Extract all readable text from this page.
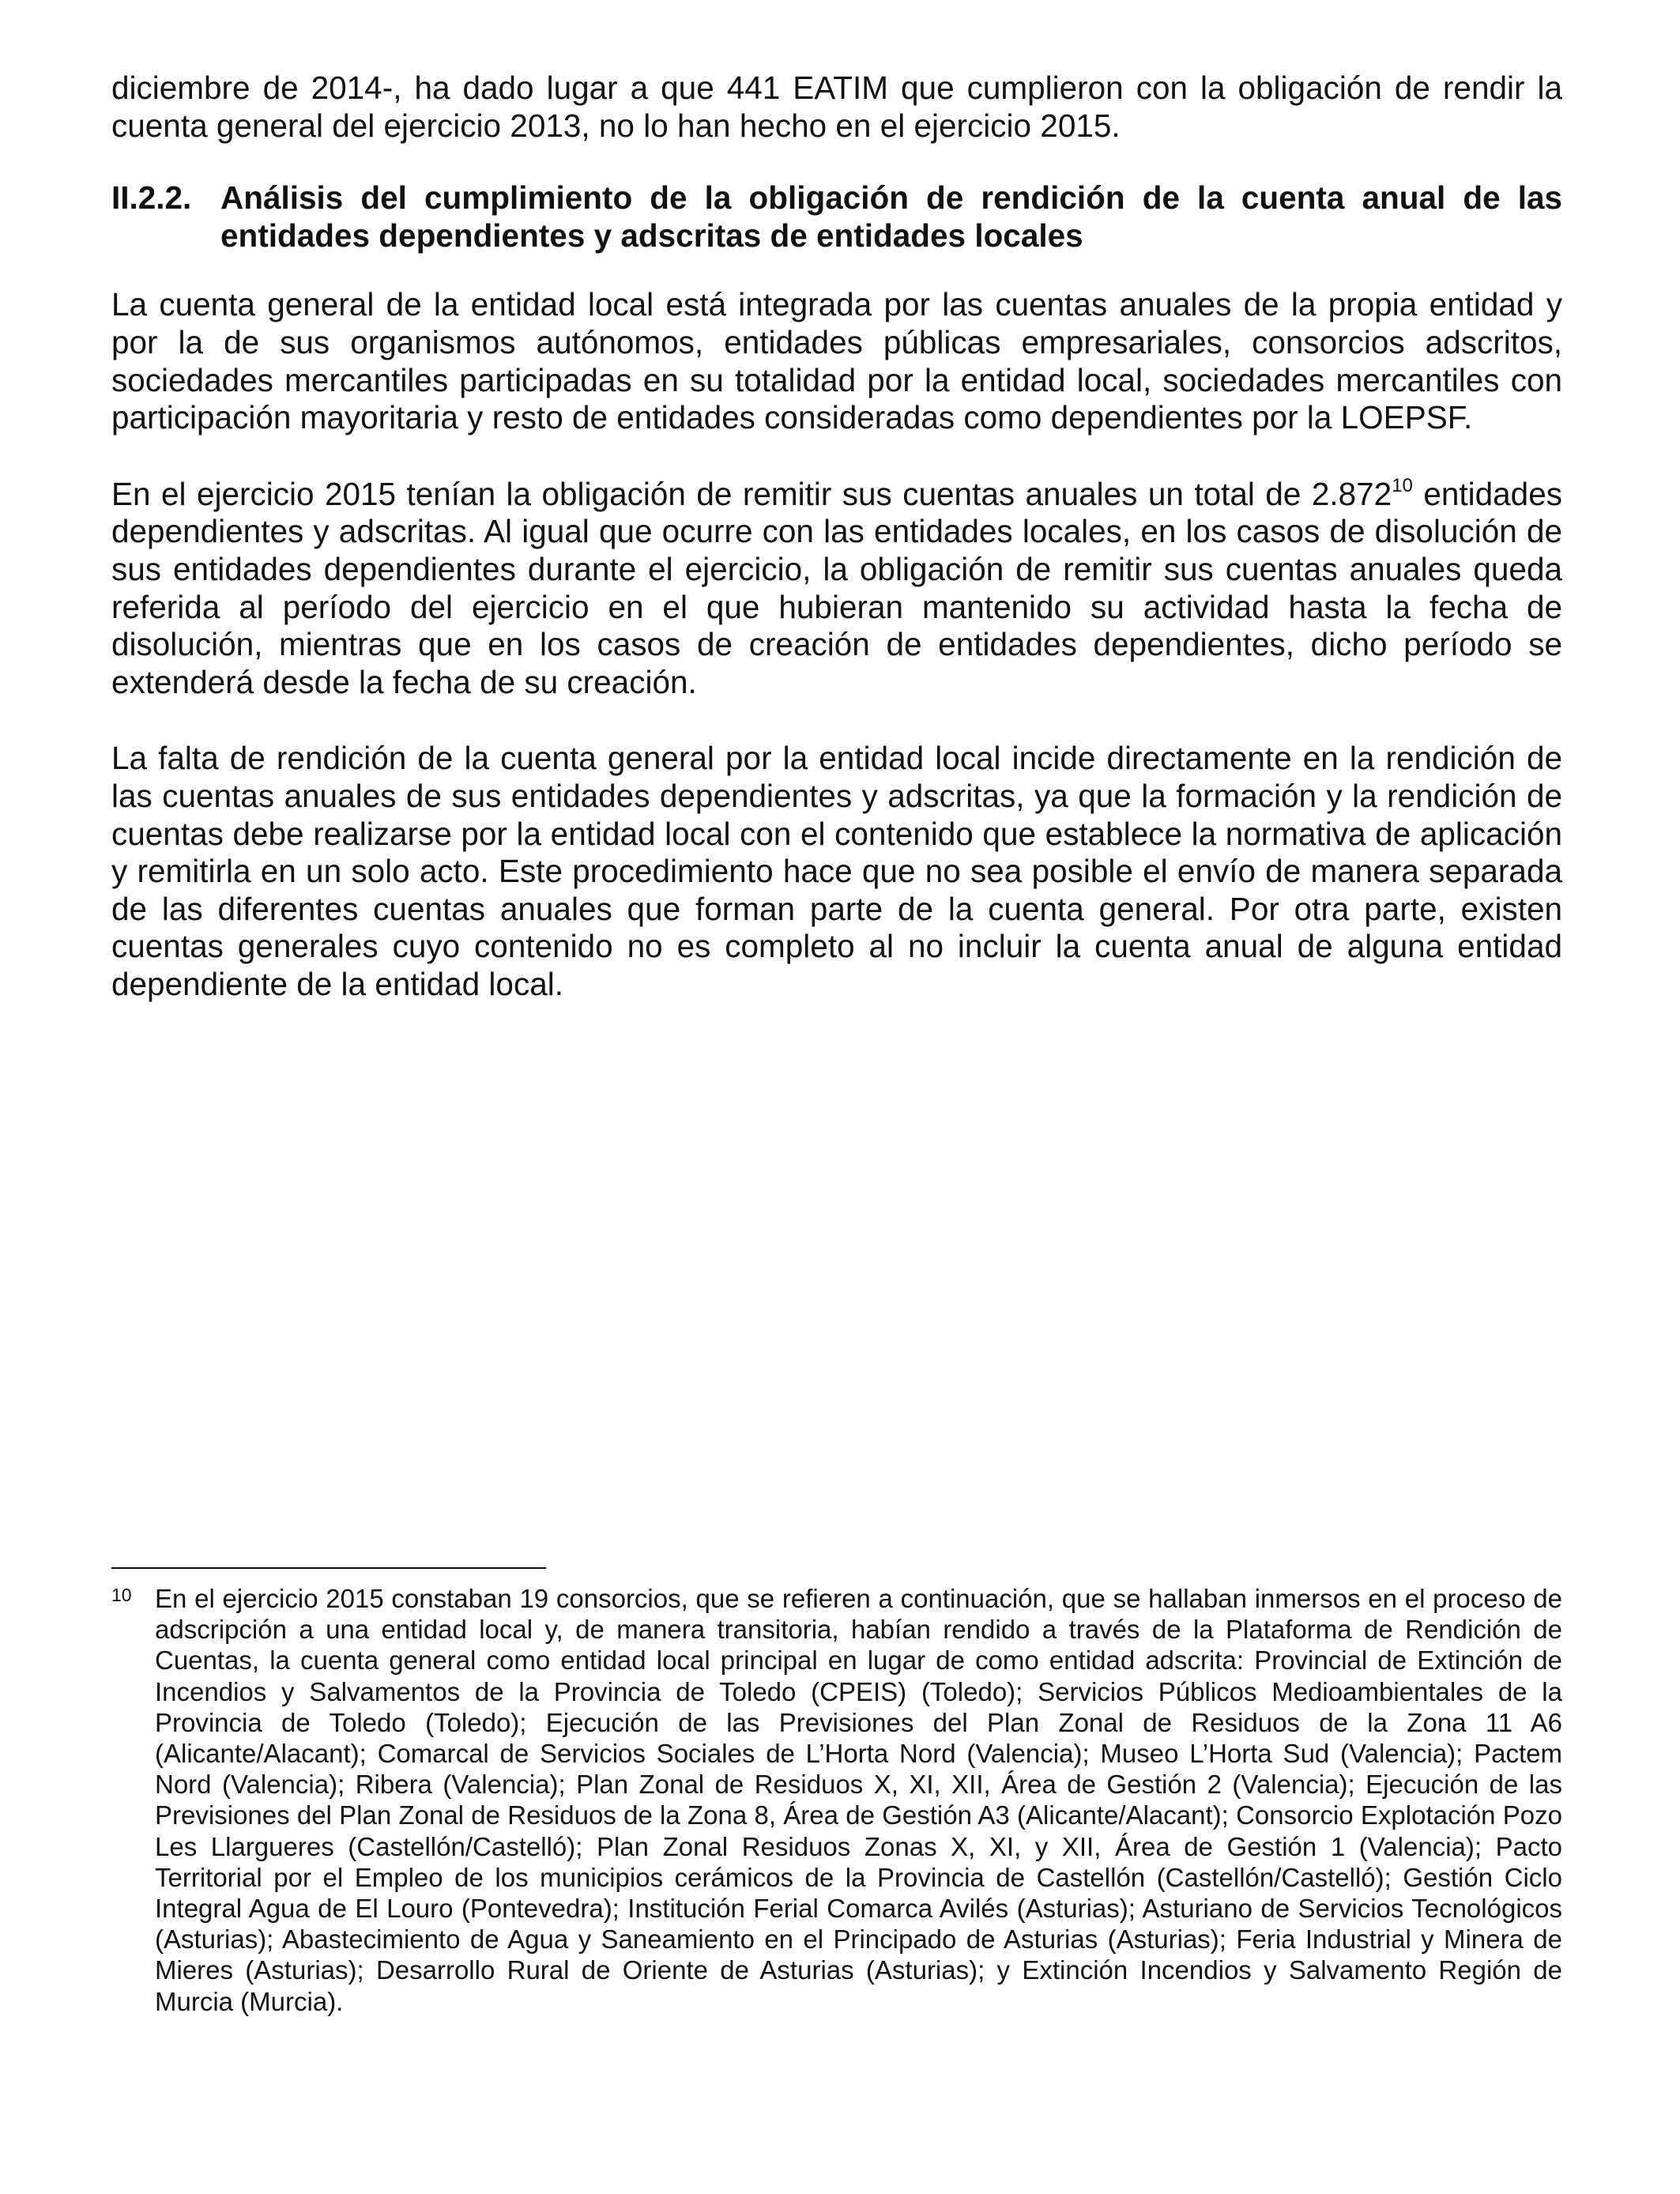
diciembre de 2014-, ha dado lugar a que 441 EATIM que cumplieron con la obligación de rendir la cuenta general del ejercicio 2013, no lo han hecho en el ejercicio 2015.

II.2.2. Análisis del cumplimiento de la obligación de rendición de la cuenta anual de las entidades dependientes y adscritas de entidades locales

La cuenta general de la entidad local está integrada por las cuentas anuales de la propia entidad y por la de sus organismos autónomos, entidades públicas empresariales, consorcios adscritos, sociedades mercantiles participadas en su totalidad por la entidad local, sociedades mercantiles con participación mayoritaria y resto de entidades consideradas como dependientes por la LOEPSF.

En el ejercicio 2015 tenían la obligación de remitir sus cuentas anuales un total de 2.872$^{10}$ entidades dependientes y adscritas. Al igual que ocurre con las entidades locales, en los casos de disolución de sus entidades dependientes durante el ejercicio, la obligación de remitir sus cuentas anuales queda referida al período del ejercicio en el que hubieran mantenido su actividad hasta la fecha de disolución, mientras que en los casos de creación de entidades dependientes, dicho período se extenderá desde la fecha de su creación.

La falta de rendición de la cuenta general por la entidad local incide directamente en la rendición de las cuentas anuales de sus entidades dependientes y adscritas, ya que la formación y la rendición de cuentas debe realizarse por la entidad local con el contenido que establece la normativa de aplicación y remitirla en un solo acto. Este procedimiento hace que no sea posible el envío de manera separada de las diferentes cuentas anuales que forman parte de la cuenta general. Por otra parte, existen cuentas generales cuyo contenido no es completo al no incluir la cuenta anual de alguna entidad dependiente de la entidad local.

10 En el ejercicio 2015 constaban 19 consorcios, que se refieren a continuación, que se hallaban inmersos en el proceso de adscripción a una entidad local y, de manera transitoria, habían rendido a través de la Plataforma de Rendición de Cuentas, la cuenta general como entidad local principal en lugar de como entidad adscrita: Provincial de Extinción de Incendios y Salvamentos de la Provincia de Toledo (CPEIS) (Toledo); Servicios Públicos Medioambientales de la Provincia de Toledo (Toledo); Ejecución de las Previsiones del Plan Zonal de Residuos de la Zona 11 A6 (Alicante/Alacant); Comarcal de Servicios Sociales de L’Horta Nord (Valencia); Museo L’Horta Sud (Valencia); Pactem Nord (Valencia); Ribera (Valencia); Plan Zonal de Residuos X, XI, XII, Área de Gestión 2 (Valencia); Ejecución de las Previsiones del Plan Zonal de Residuos de la Zona 8, Área de Gestión A3 (Alicante/Alacant); Consorcio Explotación Pozo Les Llargueres (Castellón/Castelló); Plan Zonal Residuos Zonas X, XI, y XII, Área de Gestión 1 (Valencia); Pacto Territorial por el Empleo de los municipios cerámicos de la Provincia de Castellón (Castellón/Castelló); Gestión Ciclo Integral Agua de El Louro (Pontevedra); Institución Ferial Comarca Avilés (Asturias); Asturiano de Servicios Tecnológicos (Asturias); Abastecimiento de Agua y Saneamiento en el Principado de Asturias (Asturias); Feria Industrial y Minera de Mieres (Asturias); Desarrollo Rural de Oriente de Asturias (Asturias); y Extinción Incendios y Salvamento Región de Murcia (Murcia).
